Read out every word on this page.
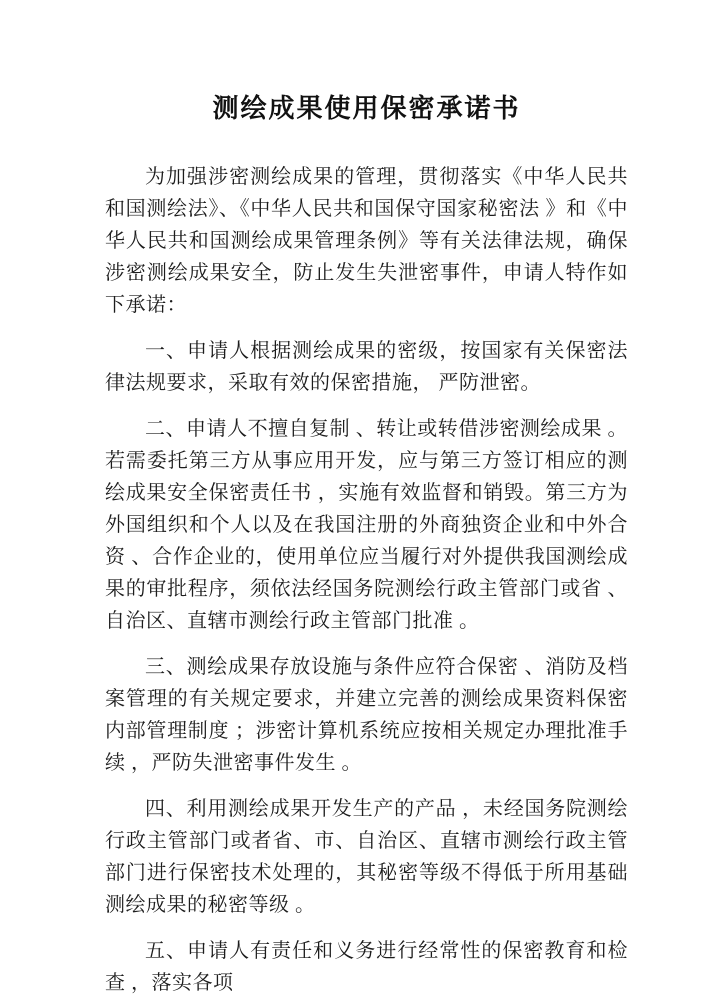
测绘成果使用保密承诺书

为加强涉密测绘成果的管理，贯彻落实《中华人民共和国测绘法》、《中华人民共和国保守国家秘密法 》和《中华人民共和国测绘成果管理条例》等有关法律法规，确保涉密测绘成果安全，防止发生失泄密事件，申请人特作如下承诺：

一、申请人根据测绘成果的密级，按国家有关保密法律法规要求，采取有效的保密措施， 严防泄密。

二、申请人不擅自复制 、转让或转借涉密测绘成果 。若需委托第三方从事应用开发，应与第三方签订相应的测绘成果安全保密责任书 ，实施有效监督和销毁。第三方为外国组织和个人以及在我国注册的外商独资企业和中外合资 、合作企业的，使用单位应当履行对外提供我国测绘成果的审批程序，须依法经国务院测绘行政主管部门或省 、自治区、直辖市测绘行政主管部门批准 。

三、测绘成果存放设施与条件应符合保密 、消防及档案管理的有关规定要求，并建立完善的测绘成果资料保密内部管理制度 ；涉密计算机系统应按相关规定办理批准手续 ，严防失泄密事件发生 。

四、利用测绘成果开发生产的产品 ，未经国务院测绘行政主管部门或者省、市、自治区、直辖市测绘行政主管部门进行保密技术处理的，其秘密等级不得低于所用基础测绘成果的秘密等级 。

五、申请人有责任和义务进行经常性的保密教育和检查 ，落实各项
